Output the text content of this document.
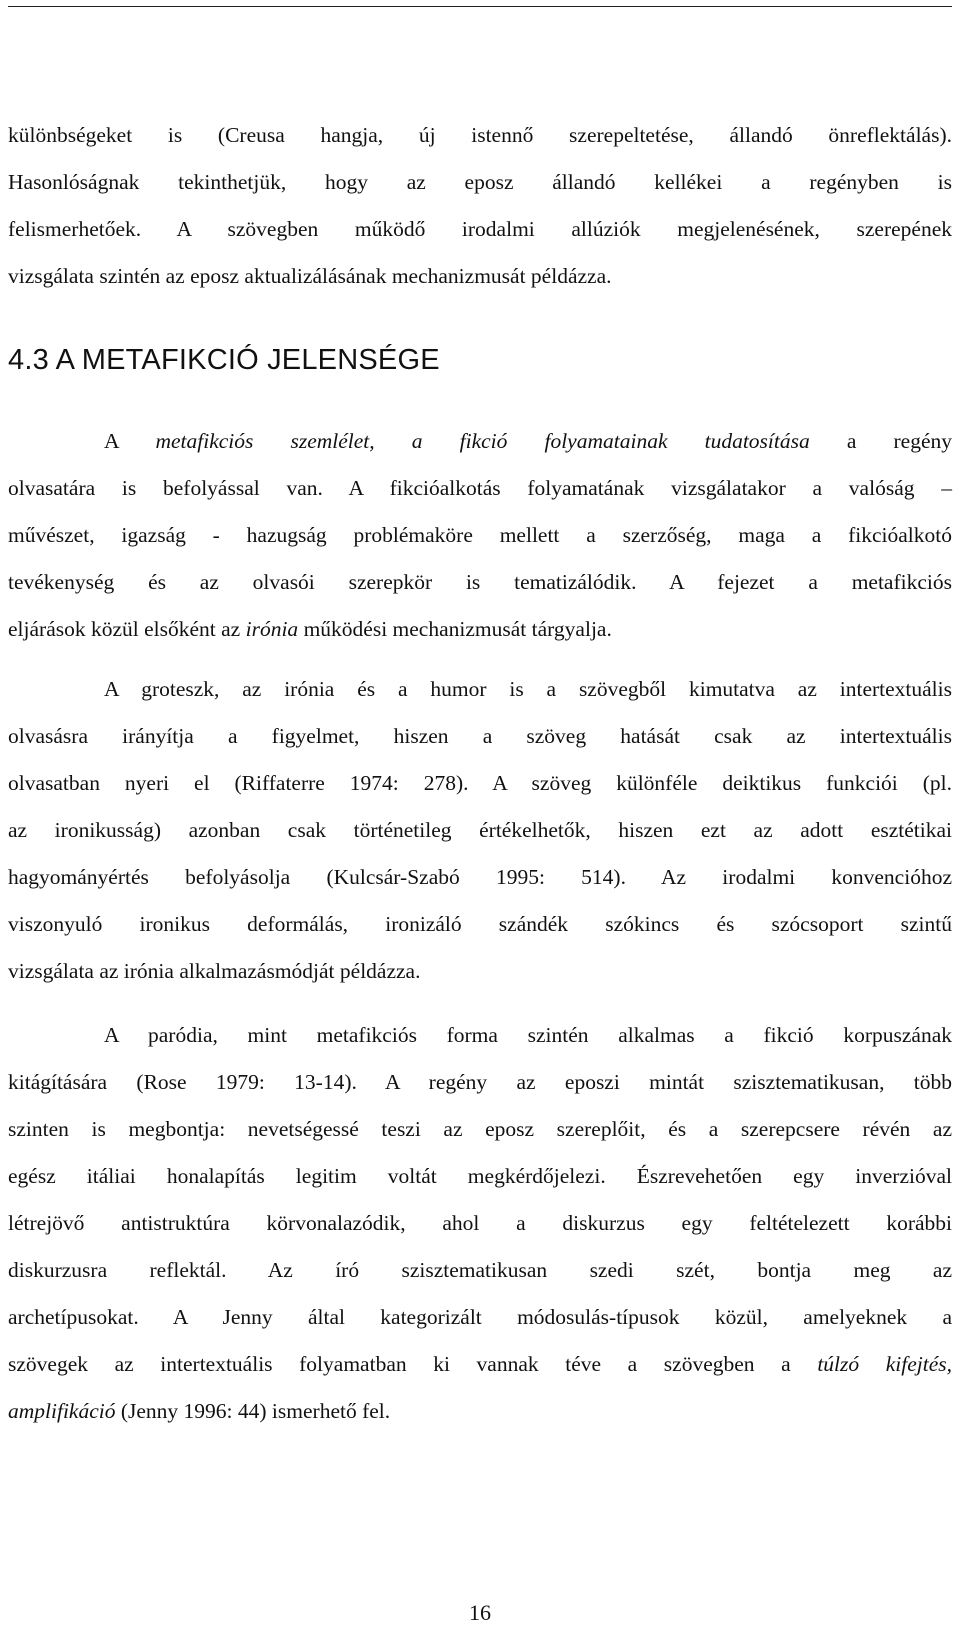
különbségeket is (Creusa hangja, új istennő szerepeltetése, állandó önreflektálás).
Hasonlóságnak tekinthetjük, hogy az eposz állandó kellékei a regényben is
felismerhetőek. A szövegben működő irodalmi allúziók megjelenésének, szerepének
vizsgálata szintén az eposz aktualizálásának mechanizmusát példázza.

4.3 A METAFIKCIÓ JELENSÉGE

A metafikciós szemlélet, a fikció folyamatainak tudatosítása a regény
olvasatára is befolyással van. A fikcióalkotás folyamatának vizsgálatakor a valóság –
művészet, igazság - hazugság problémaköre mellett a szerzőség, maga a fikcióalkotó
tevékenység és az olvasói szerepkör is tematizálódik. A fejezet a metafikciós
eljárások közül elsőként az irónia működési mechanizmusát tárgyalja.

A groteszk, az irónia és a humor is a szövegből kimutatva az intertextuális
olvasásra irányítja a figyelmet, hiszen a szöveg hatását csak az intertextuális
olvasatban nyeri el (Riffaterre 1974: 278). A szöveg különféle deiktikus funkciói (pl.
az ironikusság) azonban csak történetileg értékelhetők, hiszen ezt az adott esztétikai
hagyományértés befolyásolja (Kulcsár-Szabó 1995: 514). Az irodalmi konvencióhoz
viszonyuló ironikus deformálás, ironizáló szándék szókincs és szócsoport szintű
vizsgálata az irónia alkalmazásmódját példázza.

A paródia, mint metafikciós forma szintén alkalmas a fikció korpuszának
kitágítására (Rose 1979: 13-14). A regény az eposzi mintát szisztematikusan, több
szinten is megbontja: nevetségessé teszi az eposz szereplőit, és a szerepcsere révén az
egész itáliai honalapítás legitim voltát megkérdőjelezi. Észrevehetően egy inverzióval
létrejövő antistruktúra körvonalazódik, ahol a diskurzus egy feltételezett korábbi
diskurzusra reflektál. Az író szisztematikusan szedi szét, bontja meg az
archetípusokat. A Jenny által kategorizált módosulás-típusok közül, amelyeknek a
szövegek az intertextuális folyamatban ki vannak téve a szövegben a túlzó kifejtés,
amplifikáció (Jenny 1996: 44) ismerhető fel.

16
